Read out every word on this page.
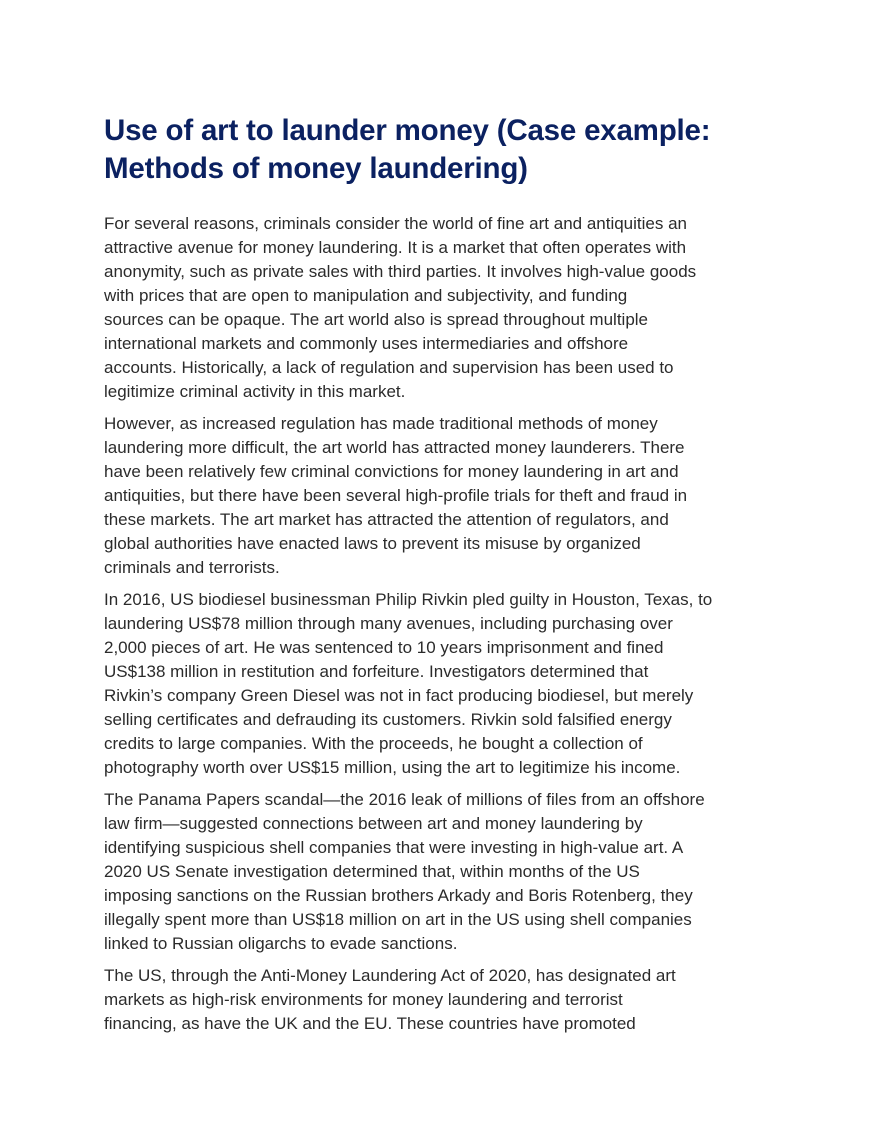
Use of art to launder money (Case example:
Methods of money laundering)

For several reasons, criminals consider the world of fine art and antiquities an
attractive avenue for money laundering. It is a market that often operates with
anonymity, such as private sales with third parties. It involves high-value goods
with prices that are open to manipulation and subjectivity, and funding
sources can be opaque. The art world also is spread throughout multiple
international markets and commonly uses intermediaries and offshore
accounts. Historically, a lack of regulation and supervision has been used to
legitimize criminal activity in this market.

However, as increased regulation has made traditional methods of money
laundering more difficult, the art world has attracted money launderers. There
have been relatively few criminal convictions for money laundering in art and
antiquities, but there have been several high-profile trials for theft and fraud in
these markets. The art market has attracted the attention of regulators, and
global authorities have enacted laws to prevent its misuse by organized
criminals and terrorists.

In 2016, US biodiesel businessman Philip Rivkin pled guilty in Houston, Texas, to
laundering US$78 million through many avenues, including purchasing over
2,000 pieces of art. He was sentenced to 10 years imprisonment and fined
US$138 million in restitution and forfeiture. Investigators determined that
Rivkin’s company Green Diesel was not in fact producing biodiesel, but merely
selling certificates and defrauding its customers. Rivkin sold falsified energy
credits to large companies. With the proceeds, he bought a collection of
photography worth over US$15 million, using the art to legitimize his income.

The Panama Papers scandal—the 2016 leak of millions of files from an offshore
law firm—suggested connections between art and money laundering by
identifying suspicious shell companies that were investing in high-value art. A
2020 US Senate investigation determined that, within months of the US
imposing sanctions on the Russian brothers Arkady and Boris Rotenberg, they
illegally spent more than US$18 million on art in the US using shell companies
linked to Russian oligarchs to evade sanctions.

The US, through the Anti-Money Laundering Act of 2020, has designated art
markets as high-risk environments for money laundering and terrorist
financing, as have the UK and the EU. These countries have promoted
